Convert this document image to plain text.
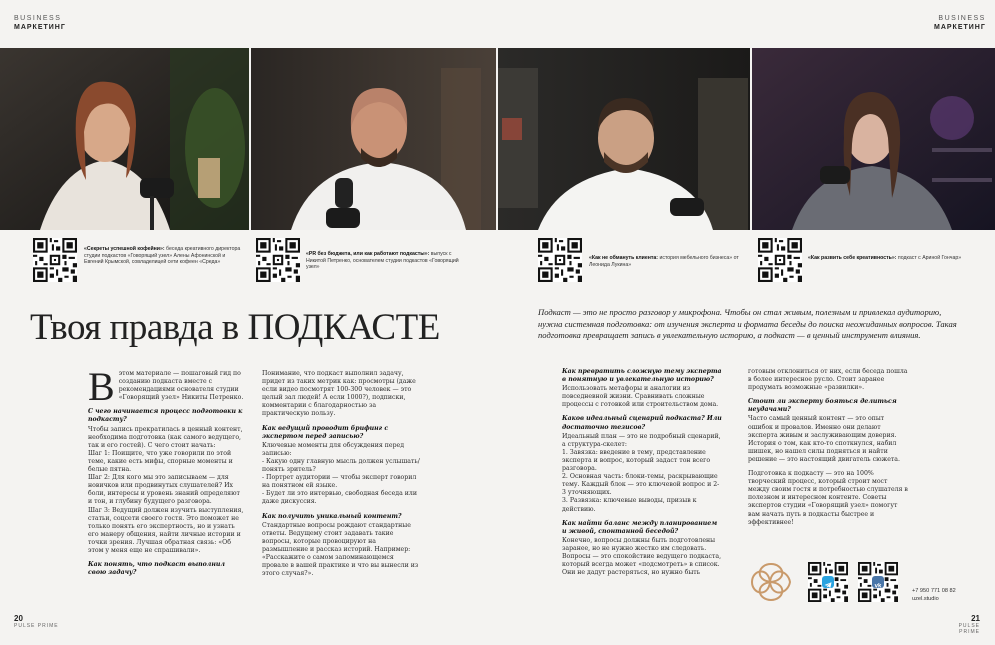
BUSINESS
МАРКЕТИНГ
BUSINESS
МАРКЕТИНГ
«Секреты успешной кофейни»: беседа креативного директора студии подкастов «Говорящий узел» Алены Афонинской и Евгений Крымской, совладелицей сети кофеен «Среда»
«PR без бюджета, или как работают подкасты»: выпуск с Никитой Петренко, основателем студии подкастов «Говорящий узел»
«Как не обмануть клиента: история мебельного бизнеса» от Леонида Лукина»
«Как развить себе креативность»: подкаст с Ариной Гончар»
Твоя правда в ПОДКАСТЕ	Подкаст — это не просто разговор у микрофона. Чтобы он стал живым, полезным и привлекал аудиторию, нужна системная подготовка: от изучения эксперта и формата беседы до поиска неожиданных вопросов. Такая подготовка превращает запись в увлекательную историю, а подкаст — в ценный инструмент влияния.

Вэтом материале — пошаговый гид по созданию подкаста вместе с рекомендациями основателя студии «Говорящий узел» Никиты Петренко.

С чего начинается процесс подготовки к подкасту?

Чтобы запись прекратилась в ценный контент, необходима подготовка (как самого ведущего, так и его гостей). С чего стоит начать:

Шаг 1: Поищите, что уже говорили по этой теме, какие есть мифы, спорные моменты и белые пятна.

Шаг 2: Для кого мы это записываем — для новичков или продвинутых слушателей? Их боли, интересы и уровень знаний определяют и тон, и глубину будущего разговора.

Шаг 3: Ведущий должен изучить выступления, статьи, соцсети своего гостя. Это поможет не только понять его экспертность, но и узнать его манеру общения, найти личные истории и точки зрения. Лучшая обратная связь: «Об этом у меня еще не спрашивали».

Как понять, что подкаст выполнил свою задачу?

Понимание, что подкаст выполнил задачу, придет из таких метрик как: просмотры (даже если видео посмотрят 100-300 человек — это целый зал людей! А если 1000?), подписки, комментарии с благодарностью за практическую пользу.

Как ведущий проводит брифинг с экспертом перед записью?

Ключевые моменты для обсуждения перед записью:

- Какую одну главную мысль должен услышать/понять зритель?

- Портрет аудитории — чтобы эксперт говорил на понятном ей языке.

- Будет ли это интервью, свободная беседа или даже дискуссия.

Как получить уникальный контент?

Стандартные вопросы рождают стандартные ответы. Ведущему стоит задавать такие вопросы, которые провоцируют на размышление и рассказ историй. Например:

«Расскажите о самом запоминающемся провале в вашей практике и что вы вынесли из этого случая?».

Как превратить сложную тему эксперта в понятную и увлекательную историю?

Использовать метафоры и аналогии из повседневной жизни. Сравнивать сложные процессы с готовкой или строительством дома.

Каков идеальный сценарий подкаста? Или достаточно тезисов?

Идеальный план — это не подробный сценарий, а структура-скелет:

1. Завязка: введение в тему, представление эксперта и вопрос, который задаст тон всего разговора.

2. Основная часть: блоки-темы, раскрывающие тему. Каждый блок — это ключевой вопрос и 2-3 уточняющих.

3. Развязка: ключевые выводы, призыв к действию.

Как найти баланс между планированием и живой, спонтанной беседой?

Конечно, вопросы должны быть подготовлены заранее, но не нужно жестко им следовать. Вопросы — это спокойствие ведущего подкаста, который всегда может «подсмотреть» в список. Они не дадут растеряться, но нужно быть

готовым отклониться от них, если беседа пошла в более интересное русло. Стоит заранее продумать возможные «развилки».

Стоит ли эксперту бояться делиться неудачами?

Часто самый ценный контент — это опыт ошибок и провалов. Именно они делают эксперта живым и заслуживающим доверия. История о том, как кто-то споткнулся, набил шишек, но нашел силы подняться и найти решение — это настоящий двигатель сюжета.

Подготовка к подкасту — это на 100% творческий процесс, который строит мост между своим гостя и потребностью слушателя в полезном и интересном контенте. Советы экспертов студии «Говорящий узел» помогут вам начать путь в подкасты быстрее и эффективнее!

vk
+7 950 771 08 82
uzel.studio
20
PULSE PRIME
21
PULSE PRIME
